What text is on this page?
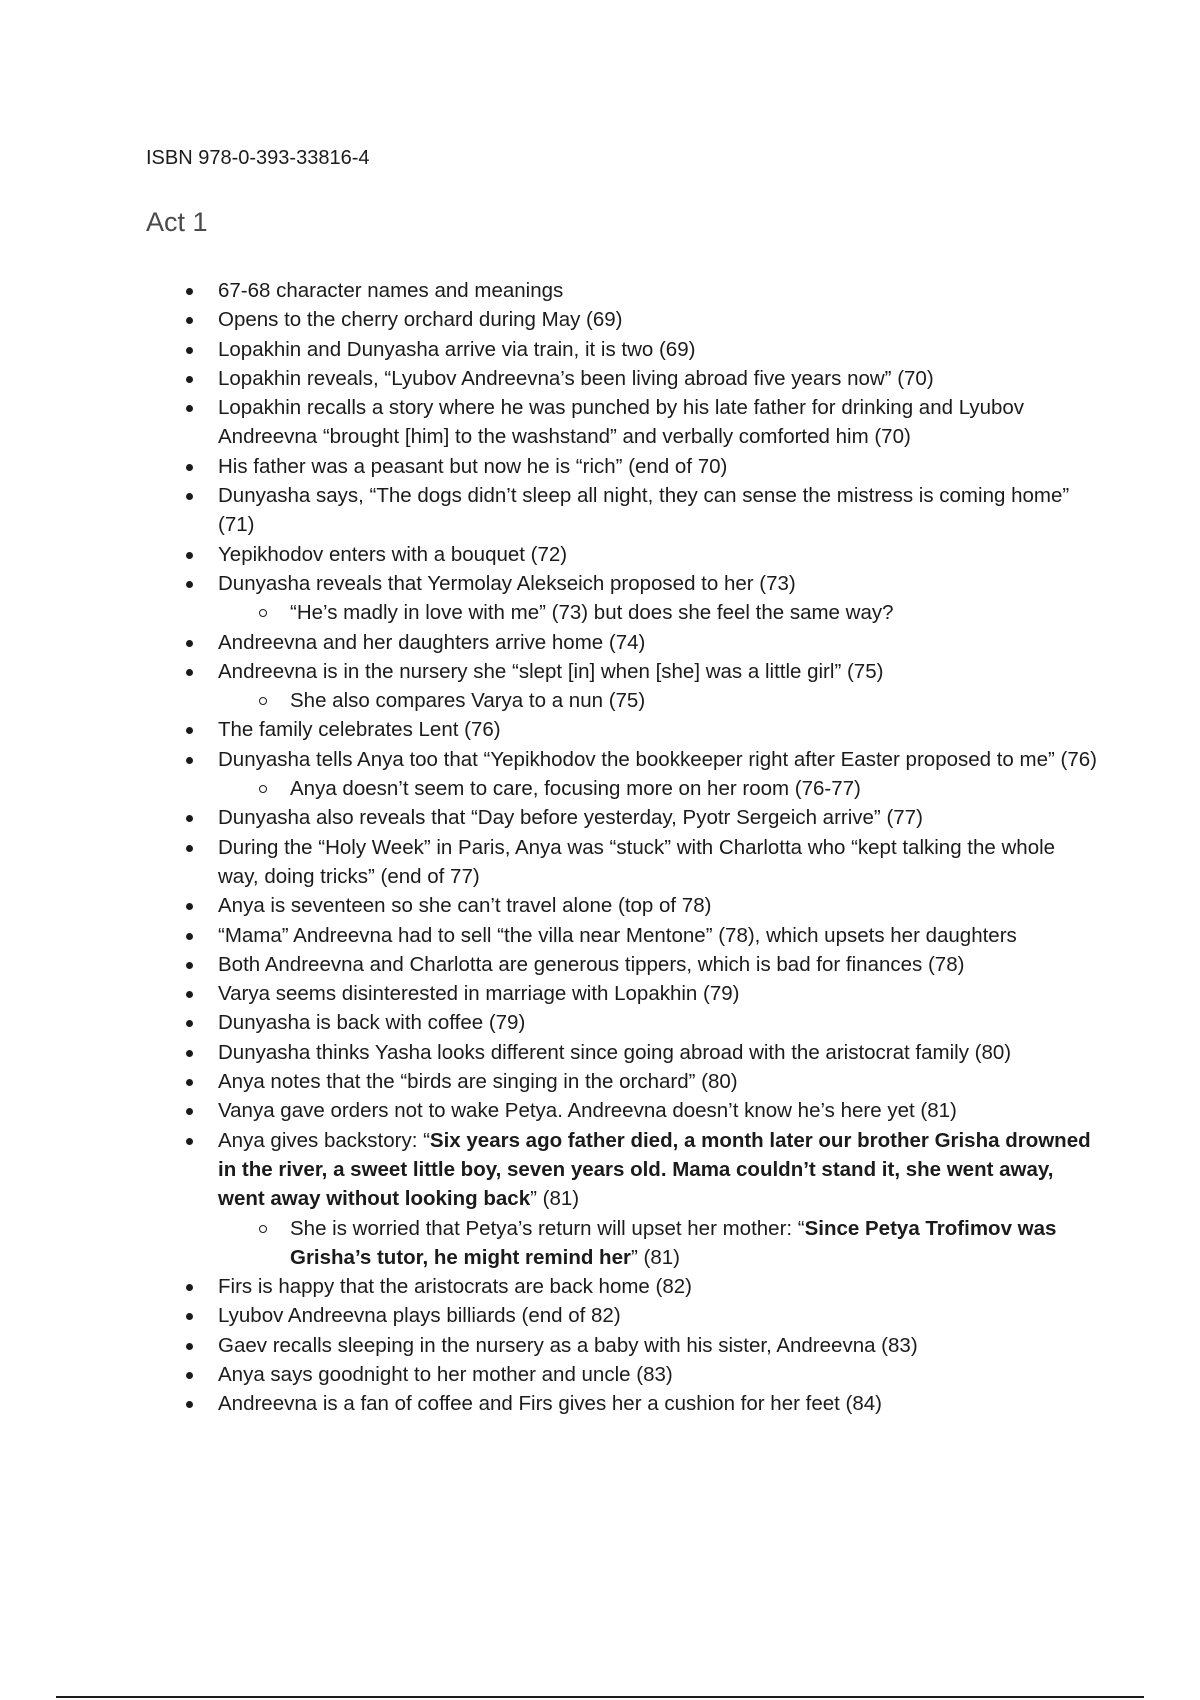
ISBN 978-0-393-33816-4

Act 1
67-68 character names and meanings
Opens to the cherry orchard during May (69)
Lopakhin and Dunyasha arrive via train, it is two (69)
Lopakhin reveals, “Lyubov Andreevna’s been living abroad five years now” (70)
Lopakhin recalls a story where he was punched by his late father for drinking and Lyubov Andreevna “brought [him] to the washstand” and verbally comforted him (70)
His father was a peasant but now he is “rich” (end of 70)
Dunyasha says, “The dogs didn’t sleep all night, they can sense the mistress is coming home” (71)
Yepikhodov enters with a bouquet (72)
Dunyasha reveals that Yermolay Alekseich proposed to her (73)
“He’s madly in love with me” (73) but does she feel the same way?
Andreevna and her daughters arrive home (74)
Andreevna is in the nursery she “slept [in] when [she] was a little girl” (75)
She also compares Varya to a nun (75)
The family celebrates Lent (76)
Dunyasha tells Anya too that “Yepikhodov the bookkeeper right after Easter proposed to me” (76)
Anya doesn’t seem to care, focusing more on her room (76-77)
Dunyasha also reveals that “Day before yesterday, Pyotr Sergeich arrive” (77)
During the “Holy Week” in Paris, Anya was “stuck” with Charlotta who “kept talking the whole way, doing tricks” (end of 77)
Anya is seventeen so she can’t travel alone (top of 78)
“Mama” Andreevna had to sell “the villa near Mentone” (78), which upsets her daughters
Both Andreevna and Charlotta are generous tippers, which is bad for finances (78)
Varya seems disinterested in marriage with Lopakhin (79)
Dunyasha is back with coffee (79)
Dunyasha thinks Yasha looks different since going abroad with the aristocrat family (80)
Anya notes that the “birds are singing in the orchard” (80)
Vanya gave orders not to wake Petya. Andreevna doesn’t know he’s here yet (81)
Anya gives backstory: “Six years ago father died, a month later our brother Grisha drowned in the river, a sweet little boy, seven years old. Mama couldn’t stand it, she went away, went away without looking back” (81)
She is worried that Petya’s return will upset her mother: “Since Petya Trofimov was Grisha’s tutor, he might remind her” (81)
Firs is happy that the aristocrats are back home (82)
Lyubov Andreevna plays billiards (end of 82)
Gaev recalls sleeping in the nursery as a baby with his sister, Andreevna (83)
Anya says goodnight to her mother and uncle (83)
Andreevna is a fan of coffee and Firs gives her a cushion for her feet (84)
